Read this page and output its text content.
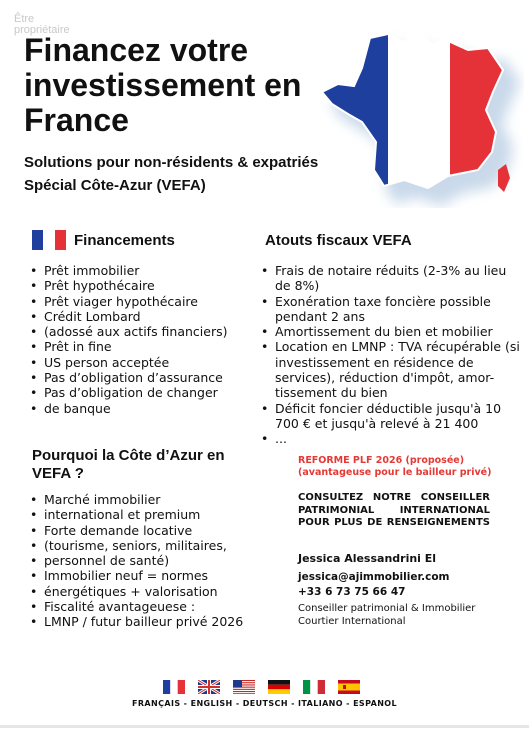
Être propriétaire
Financez votre investissement en France
Solutions pour non-résidents & expatriés
Spécial Côte-Azur (VEFA)
Financements
• Prêt immobilier
• Prêt hypothécaire
• Prêt viager hypothécaire
• Crédit Lombard
• (adossé aux actifs financiers)
• Prêt in fine
• US person acceptée
• Pas d’obligation d’assurance
• Pas d’obligation de changer
• de banque
Atouts fiscaux VEFA
• Frais de notaire réduits (2-3% au lieu de 8%)
• Exonération taxe foncière possible pendant 2 ans
• Amortissement du bien et mobilier
• Location en LMNP : TVA récupérable (si investissement en résidence de services), réduction d'impôt, amor-tissement du bien
• Déficit foncier déductible jusqu'à 10 700 € et jusqu'à relevé à 21 400
• ...
Pourquoi la Côte d’Azur en VEFA ?
• Marché immobilier
• international et premium
• Forte demande locative
• (tourisme, seniors, militaires,
• personnel de santé)
• Immobilier neuf = normes
• énergétiques + valorisation
• Fiscalité avantageuese :
• LMNP / futur bailleur privé 2026
REFORME PLF 2026 (proposée)
(avantageuse pour le bailleur privé)
CONSULTEZ NOTRE CONSEILLER PATRIMONIAL INTERNATIONAL POUR PLUS DE RENSEIGNEMENTS
Jessica Alessandrini El
jessica@ajimmobilier.com
+33 6 73 75 66 47
Conseiller patrimonial & Immobilier
Courtier International
FRANÇAIS - ENGLISH - DEUTSCH - ITALIANO - ESPANOL
